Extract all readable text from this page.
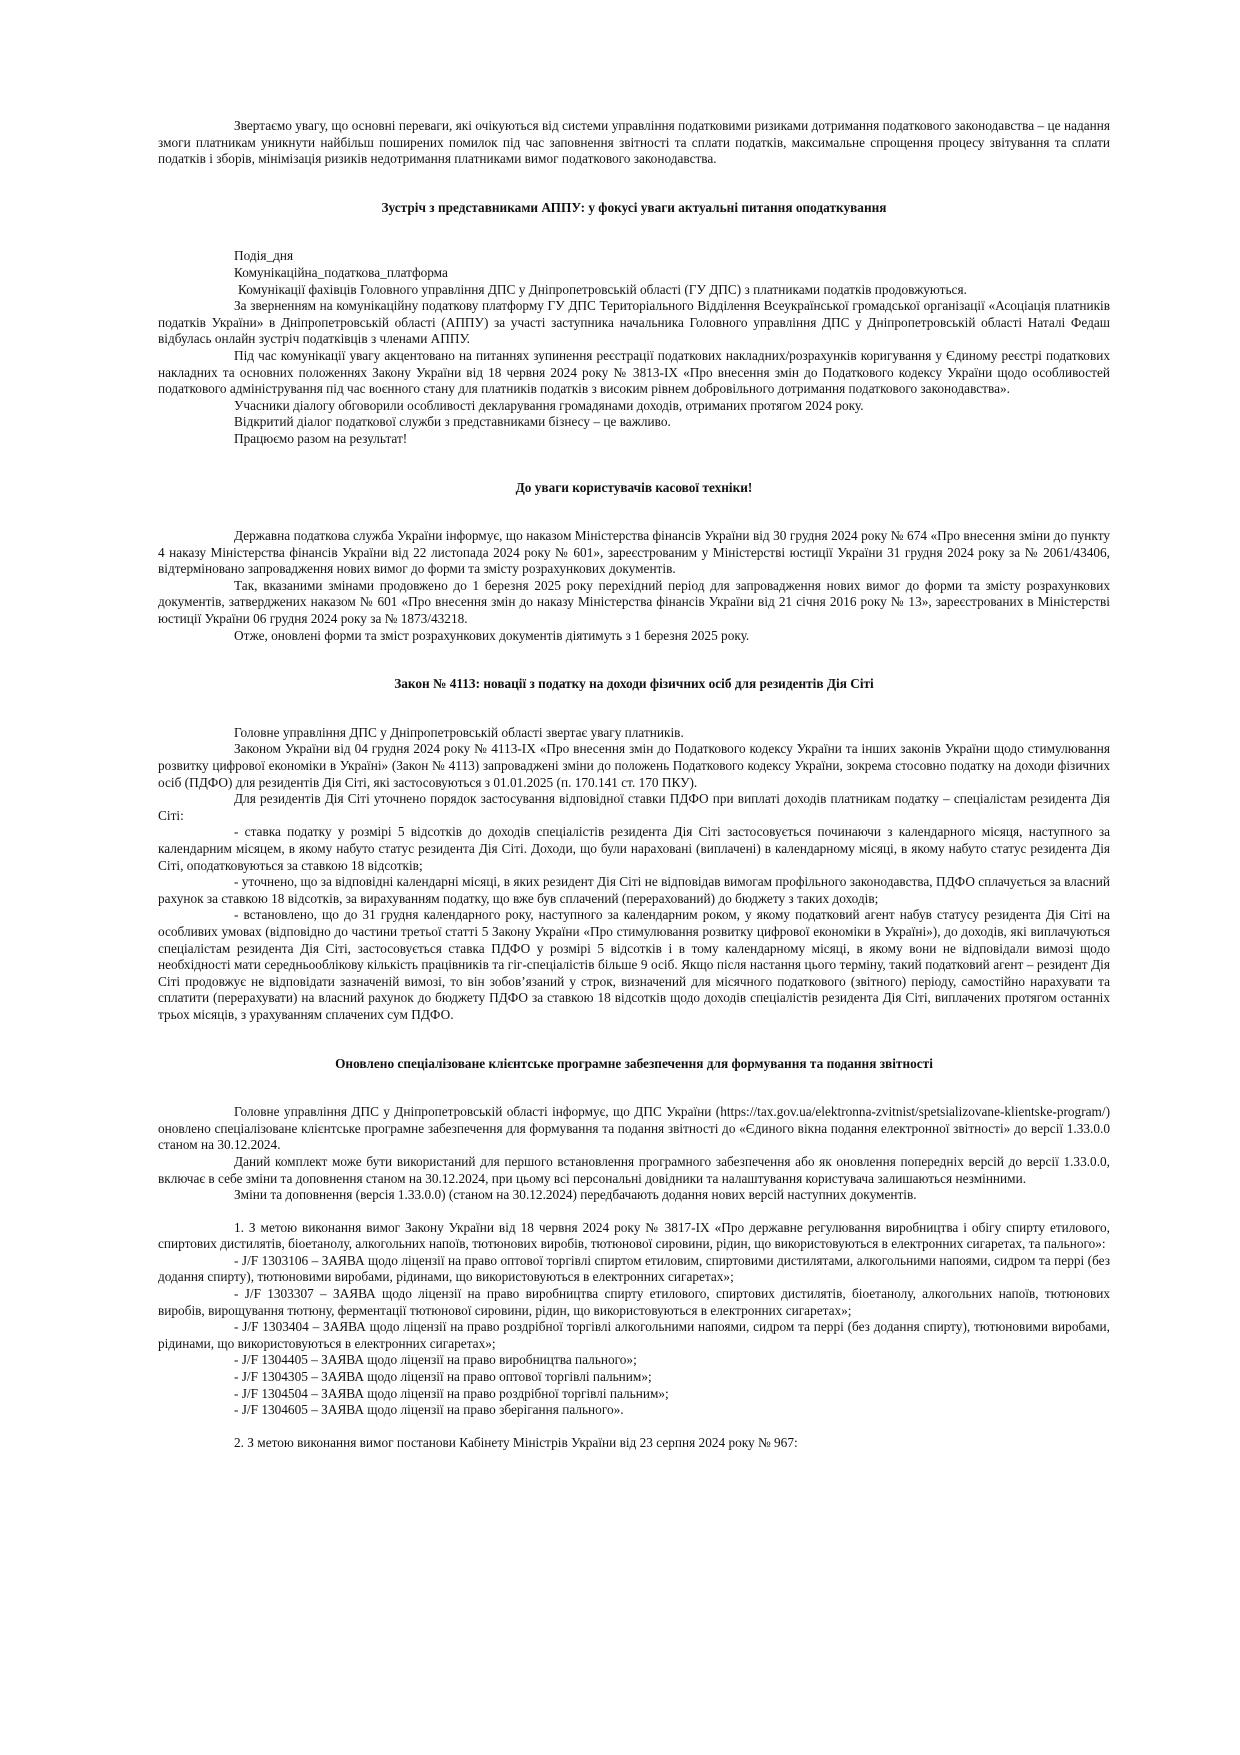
Звертаємо увагу, що основні переваги, які очікуються від системи управління податковими ризиками дотримання податкового законодавства – це надання змоги платникам уникнути найбільш поширених помилок під час заповнення звітності та сплати податків, максимальне спрощення процесу звітування та сплати податків і зборів, мінімізація ризиків недотримання платниками вимог податкового законодавства.

Зустріч з представниками АППУ: у фокусі уваги актуальні питання оподаткування

Подія_дня

Комунікаційна_податкова_платформа

Комунікації фахівців Головного управління ДПС у Дніпропетровській області (ГУ ДПС) з платниками податків продовжуються.

За зверненням на комунікаційну податкову платформу ГУ ДПС Територіального Відділення Всеукраїнської громадської організації «Асоціація платників податків України» в Дніпропетровській області (АППУ) за участі заступника начальника Головного управління ДПС у Дніпропетровській області Наталі Федаш відбулась онлайн зустріч податківців з членами АППУ.

Під час комунікації увагу акцентовано на питаннях зупинення реєстрації податкових накладних/розрахунків коригування у Єдиному реєстрі податкових накладних та основних положеннях Закону України від 18 червня 2024 року № 3813-ІХ «Про внесення змін до Податкового кодексу України щодо особливостей податкового адміністрування під час воєнного стану для платників податків з високим рівнем добровільного дотримання податкового законодавства».

Учасники діалогу обговорили особливості декларування громадянами доходів, отриманих протягом 2024 року.

Відкритий діалог податкової служби з представниками бізнесу – це важливо.

Працюємо разом на результат!

До уваги користувачів касової техніки!

Державна податкова служба України інформує, що наказом Міністерства фінансів України від 30 грудня 2024 року № 674 «Про внесення зміни до пункту 4 наказу Міністерства фінансів України від 22 листопада 2024 року № 601», зареєстрованим у Міністерстві юстиції України 31 грудня 2024 року за № 2061/43406, відтерміновано запровадження нових вимог до форми та змісту розрахункових документів.

Так, вказаними змінами продовжено до 1 березня 2025 року перехідний період для запровадження нових вимог до форми та змісту розрахункових документів, затверджених наказом № 601 «Про внесення змін до наказу Міністерства фінансів України від 21 січня 2016 року № 13», зареєстрованих в Міністерстві юстиції України 06 грудня 2024 року за № 1873/43218.

Отже, оновлені форми та зміст розрахункових документів діятимуть з 1 березня 2025 року.

Закон № 4113: новації з податку на доходи фізичних осіб для резидентів Дія Сіті

Головне управління ДПС у Дніпропетровській області звертає увагу платників.

Законом України від 04 грудня 2024 року № 4113-ІХ «Про внесення змін до Податкового кодексу України та інших законів України щодо стимулювання розвитку цифрової економіки в Україні» (Закон № 4113) запроваджені зміни до положень Податкового кодексу України, зокрема стосовно податку на доходи фізичних осіб (ПДФО) для резидентів Дія Сіті, які застосовуються з 01.01.2025 (п. 170.141 ст. 170 ПКУ).

Для резидентів Дія Сіті уточнено порядок застосування відповідної ставки ПДФО при виплаті доходів платникам податку – спеціалістам резидента Дія Сіті:

- ставка податку у розмірі 5 відсотків до доходів спеціалістів резидента Дія Сіті застосовується починаючи з календарного місяця, наступного за календарним місяцем, в якому набуто статус резидента Дія Сіті. Доходи, що були нараховані (виплачені) в календарному місяці, в якому набуто статус резидента Дія Сіті, оподатковуються за ставкою 18 відсотків;

- уточнено, що за відповідні календарні місяці, в яких резидент Дія Сіті не відповідав вимогам профільного законодавства, ПДФО сплачується за власний рахунок за ставкою 18 відсотків, за вирахуванням податку, що вже був сплачений (перерахований) до бюджету з таких доходів;

- встановлено, що до 31 грудня календарного року, наступного за календарним роком, у якому податковий агент набув статусу резидента Дія Сіті на особливих умовах (відповідно до частини третьої статті 5 Закону України «Про стимулювання розвитку цифрової економіки в Україні»), до доходів, які виплачуються спеціалістам резидента Дія Сіті, застосовується ставка ПДФО у розмірі 5 відсотків і в тому календарному місяці, в якому вони не відповідали вимозі щодо необхідності мати середньооблікову кількість працівників та гіг-спеціалістів більше 9 осіб. Якщо після настання цього терміну, такий податковий агент – резидент Дія Сіті продовжує не відповідати зазначеній вимозі, то він зобов’язаний у строк, визначений для місячного податкового (звітного) періоду, самостійно нарахувати та сплатити (перерахувати) на власний рахунок до бюджету ПДФО за ставкою 18 відсотків щодо доходів спеціалістів резидента Дія Сіті, виплачених протягом останніх трьох місяців, з урахуванням сплачених сум ПДФО.

Оновлено спеціалізоване клієнтське програмне забезпечення для формування та подання звітності

Головне управління ДПС у Дніпропетровській області інформує, що ДПС України (https://tax.gov.ua/elektronna-zvitnist/spetsializovane-klientske-program/) оновлено спеціалізоване клієнтське програмне забезпечення для формування та подання звітності до «Єдиного вікна подання електронної звітності» до версії 1.33.0.0 станом на 30.12.2024.

Даний комплект може бути використаний для першого встановлення програмного забезпечення або як оновлення попередніх версій до версії 1.33.0.0, включає в себе зміни та доповнення станом на 30.12.2024, при цьому всі персональні довідники та налаштування користувача залишаються незмінними.

Зміни та доповнення (версія 1.33.0.0) (станом на 30.12.2024) передбачають додання нових версій наступних документів.

1. З метою виконання вимог Закону України від 18 червня 2024 року № 3817-ІХ «Про державне регулювання виробництва і обігу спирту етилового, спиртових дистилятів, біоетанолу, алкогольних напоїв, тютюнових виробів, тютюнової сировини, рідин, що використовуються в електронних сигаретах, та пального»:

- J/F 1303106 – ЗАЯВА щодо ліцензії на право оптової торгівлі спиртом етиловим, спиртовими дистилятами, алкогольними напоями, сидром та перрі (без додання спирту), тютюновими виробами, рідинами, що використовуються в електронних сигаретах»;

- J/F 1303307 – ЗАЯВА щодо ліцензії на право виробництва спирту етилового, спиртових дистилятів, біоетанолу, алкогольних напоїв, тютюнових виробів, вирощування тютюну, ферментації тютюнової сировини, рідин, що використовуються в електронних сигаретах»;

- J/F 1303404 – ЗАЯВА щодо ліцензії на право роздрібної торгівлі алкогольними напоями, сидром та перрі (без додання спирту), тютюновими виробами, рідинами, що використовуються в електронних сигаретах»;

- J/F 1304405 – ЗАЯВА щодо ліцензії на право виробництва пального»;

- J/F 1304305 – ЗАЯВА щодо ліцензії на право оптової торгівлі пальним»;

- J/F 1304504 – ЗАЯВА щодо ліцензії на право роздрібної торгівлі пальним»;

- J/F 1304605 – ЗАЯВА щодо ліцензії на право зберігання пального».

2. З метою виконання вимог постанови Кабінету Міністрів України від 23 серпня 2024 року № 967:
